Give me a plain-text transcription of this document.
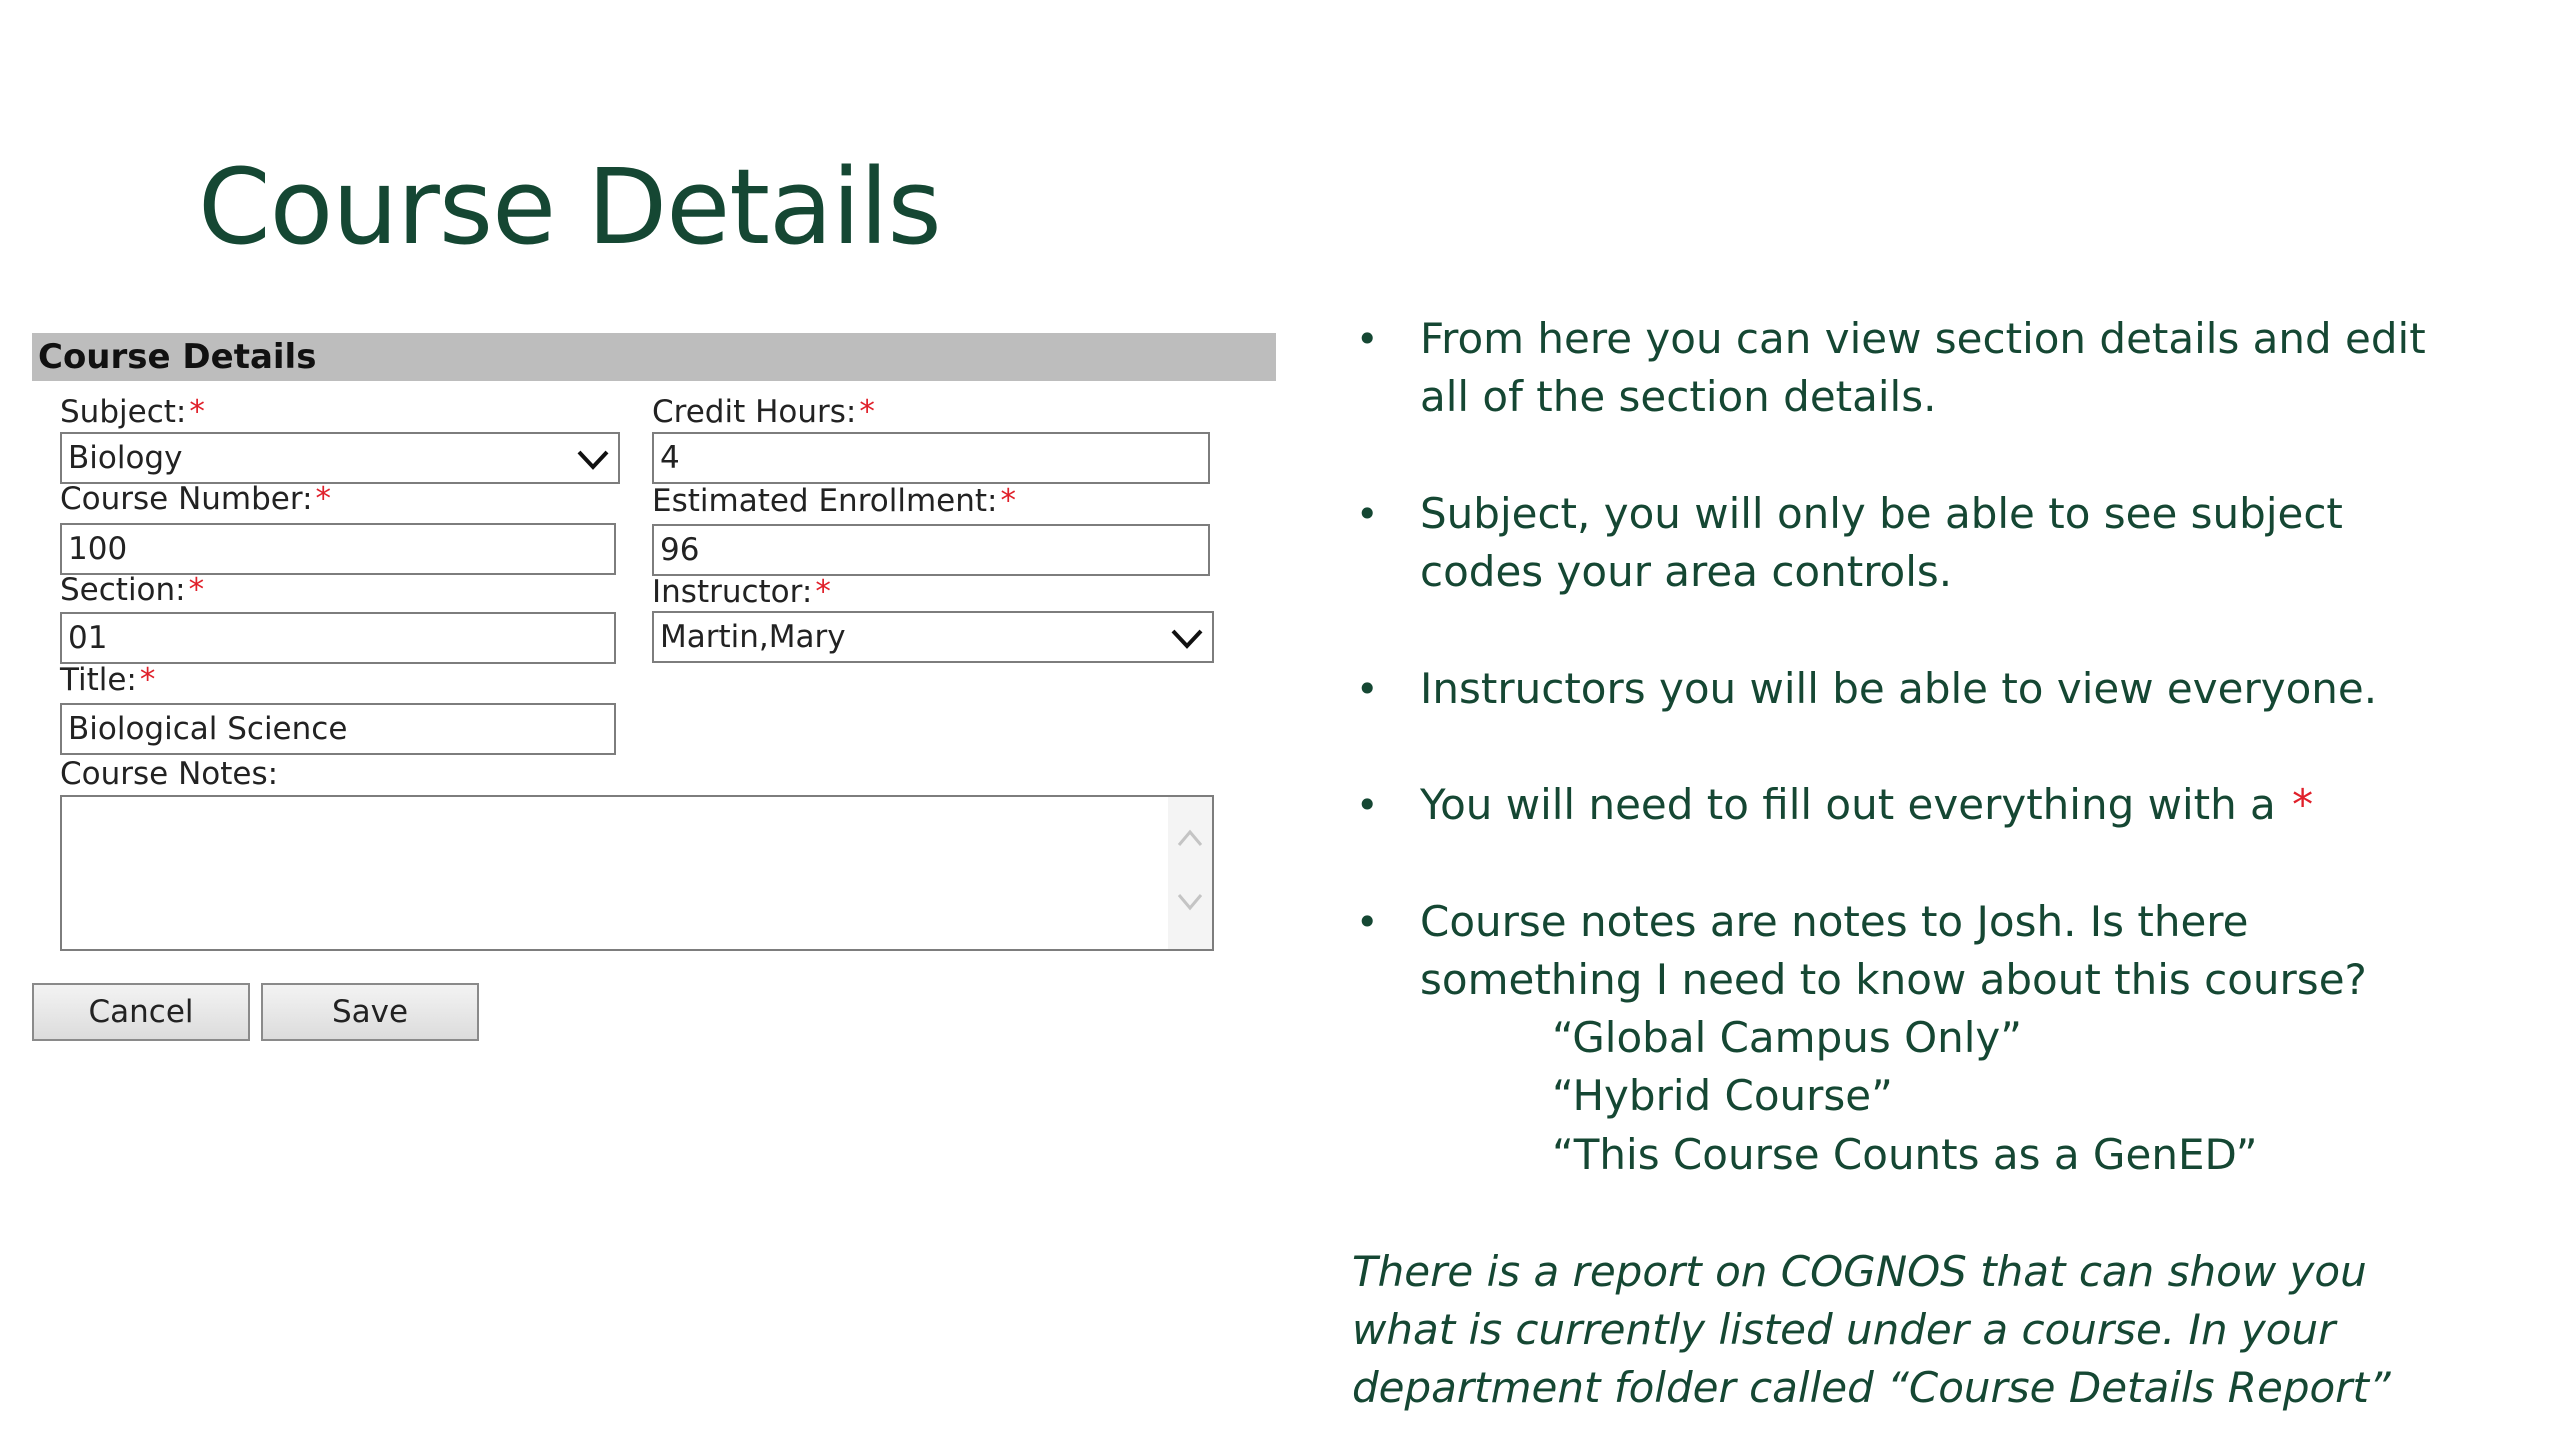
Course Details
Course Details
Subject:*
Biology
Credit Hours:*
4
Course Number:*
100
Estimated Enrollment:*
96
Section:*
01
Instructor:*
Martin,Mary
Title:*
Biological Science
Course Notes:
Cancel	Save
• From here you can view section details and edit
all of the section details.
• Subject, you will only be able to see subject
codes your area controls.
• Instructors you will be able to view everyone.
• You will need to fill out everything with a *
• Course notes are notes to Josh. Is there
something I need to know about this course?
“Global Campus Only”
“Hybrid Course”
“This Course Counts as a GenED”
There is a report on COGNOS that can show you
what is currently listed under a course. In your
department folder called “Course Details Report”
